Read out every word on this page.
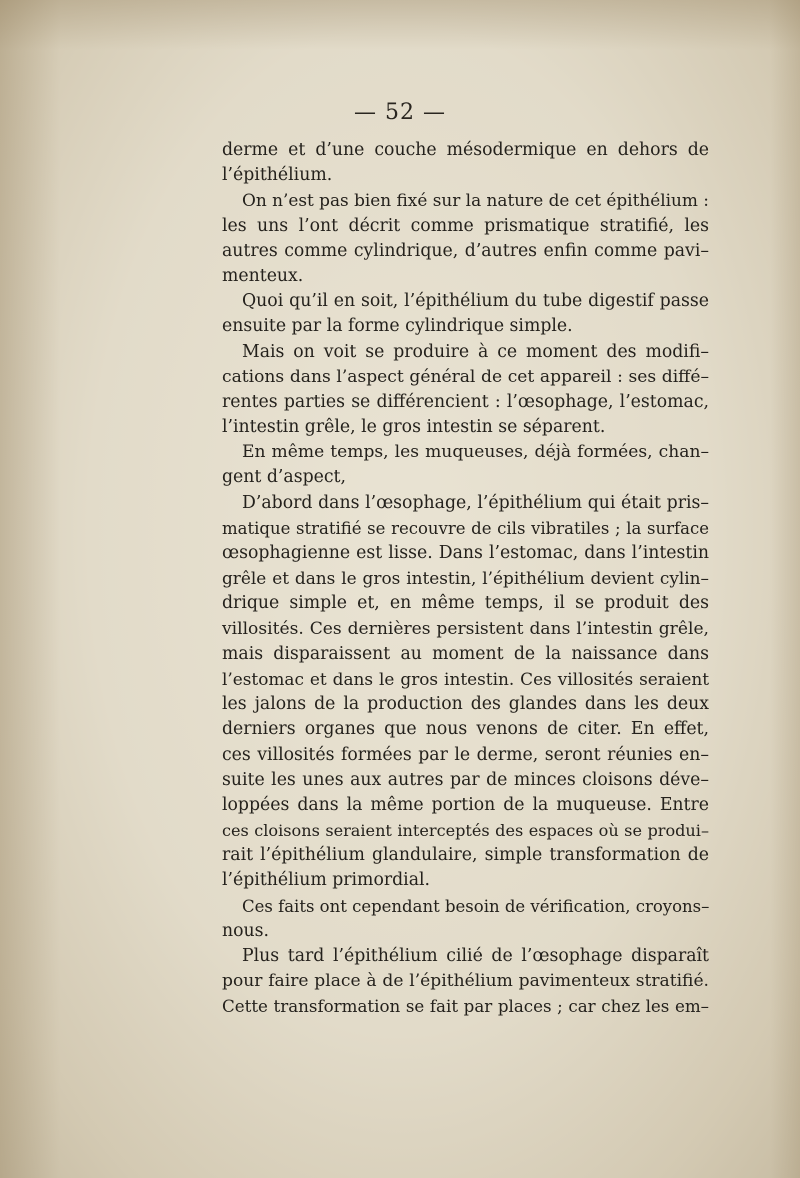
— 52 —
derme et d’une couche mésodermique en dehors de
l’épithélium.
On n’est pas bien fixé sur la nature de cet épithélium :
les uns l’ont décrit comme prismatique stratifié, les
autres comme cylindrique, d’autres enfin comme pavi–
menteux.
Quoi qu’il en soit, l’épithélium du tube digestif passe
ensuite par la forme cylindrique simple.
Mais on voit se produire à ce moment des modifi–
cations dans l’aspect général de cet appareil : ses diffé–
rentes parties se différencient : l’œsophage, l’estomac,
l’intestin grêle, le gros intestin se séparent.
En même temps, les muqueuses, déjà formées, chan–
gent d’aspect,
D’abord dans l’œsophage, l’épithélium qui était pris–
matique stratifié se recouvre de cils vibratiles ; la surface
œsophagienne est lisse. Dans l’estomac, dans l’intestin
grêle et dans le gros intestin, l’épithélium devient cylin–
drique simple et, en même temps, il se produit des
villosités. Ces dernières persistent dans l’intestin grêle,
mais disparaissent au moment de la naissance dans
l’estomac et dans le gros intestin. Ces villosités seraient
les jalons de la production des glandes dans les deux
derniers organes que nous venons de citer. En effet,
ces villosités formées par le derme, seront réunies en–
suite les unes aux autres par de minces cloisons déve–
loppées dans la même portion de la muqueuse. Entre
ces cloisons seraient interceptés des espaces où se produi–
rait l’épithélium glandulaire, simple transformation de
l’épithélium primordial.
Ces faits ont cependant besoin de vérification, croyons–
nous.
Plus tard l’épithélium cilié de l’œsophage disparaît
pour faire place à de l’épithélium pavimenteux stratifié.
Cette transformation se fait par places ; car chez les em–
